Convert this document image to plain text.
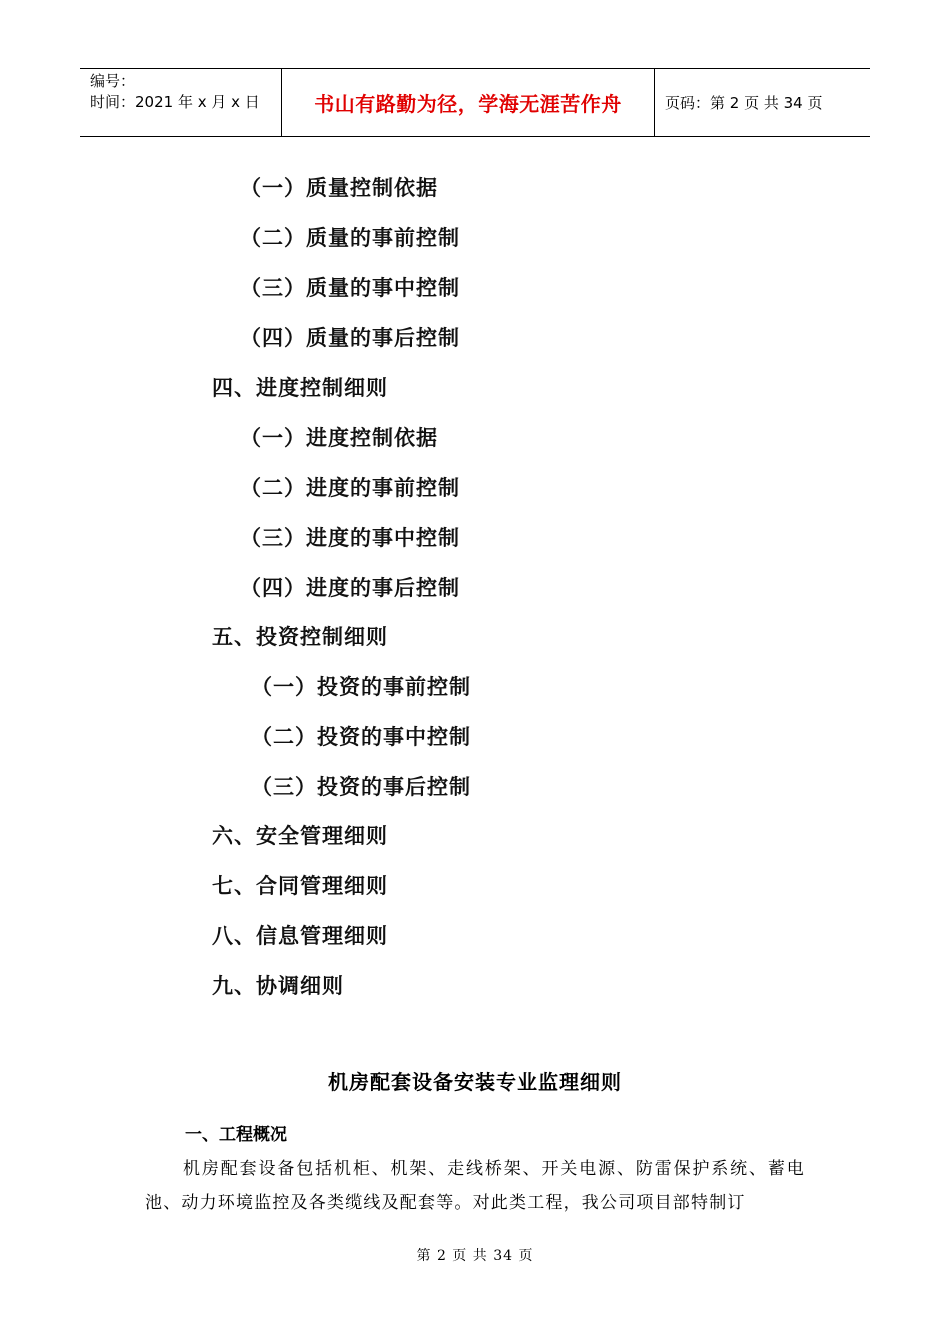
编号：
时间：2021 年 x 月 x 日	书山有路勤为径，学海无涯苦作舟	页码：第 2 页 共 34 页
（一）质量控制依据
（二）质量的事前控制
（三）质量的事中控制
（四）质量的事后控制
四、进度控制细则
（一）进度控制依据
（二）进度的事前控制
（三）进度的事中控制
（四）进度的事后控制
五、投资控制细则
（一）投资的事前控制
（二）投资的事中控制
（三）投资的事后控制
六、安全管理细则
七、合同管理细则
八、信息管理细则
九、协调细则
机房配套设备安装专业监理细则
一、工程概况
机房配套设备包括机柜、机架、走线桥架、开关电源、防雷保护系统、蓄电池、动力环境监控及各类缆线及配套等。对此类工程，我公司项目部特制订
第 2 页 共 34 页
